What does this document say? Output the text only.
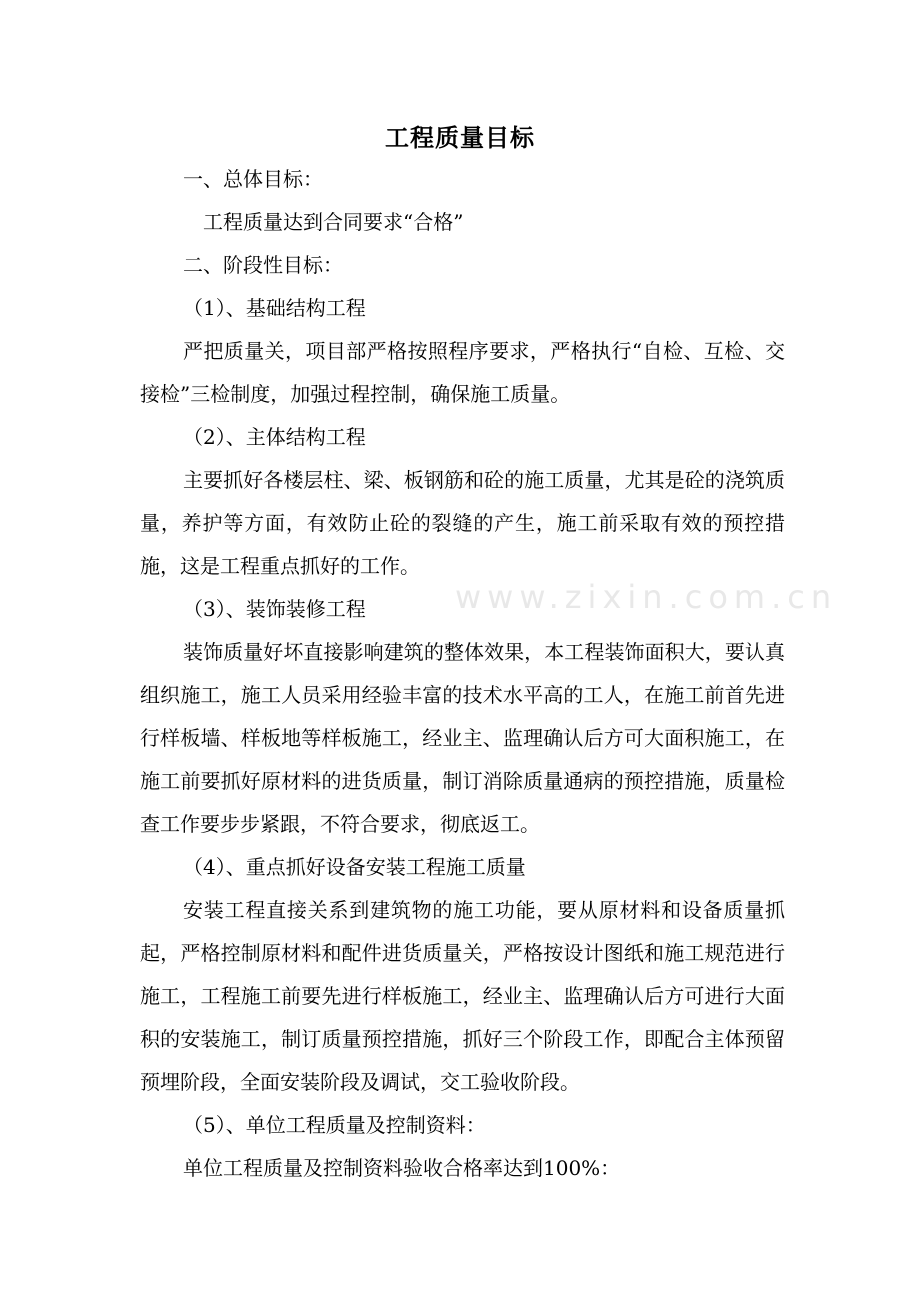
www.zixin.com.cn
工程质量目标
一、总体目标：
工程质量达到合同要求“合格”
二、阶段性目标：
（1）、基础结构工程
严把质量关，项目部严格按照程序要求，严格执行“自检、互检、交接检”三检制度，加强过程控制，确保施工质量。
（2）、主体结构工程
主要抓好各楼层柱、梁、板钢筋和砼的施工质量，尤其是砼的浇筑质量，养护等方面，有效防止砼的裂缝的产生，施工前采取有效的预控措施，这是工程重点抓好的工作。
（3）、装饰装修工程
装饰质量好坏直接影响建筑的整体效果，本工程装饰面积大，要认真组织施工，施工人员采用经验丰富的技术水平高的工人，在施工前首先进行样板墙、样板地等样板施工，经业主、监理确认后方可大面积施工，在施工前要抓好原材料的进货质量，制订消除质量通病的预控措施，质量检查工作要步步紧跟，不符合要求，彻底返工。
（4）、重点抓好设备安装工程施工质量
安装工程直接关系到建筑物的施工功能，要从原材料和设备质量抓起，严格控制原材料和配件进货质量关，严格按设计图纸和施工规范进行施工，工程施工前要先进行样板施工，经业主、监理确认后方可进行大面积的安装施工，制订质量预控措施，抓好三个阶段工作，即配合主体预留预埋阶段，全面安装阶段及调试，交工验收阶段。
（5）、单位工程质量及控制资料：
单位工程质量及控制资料验收合格率达到100%：
